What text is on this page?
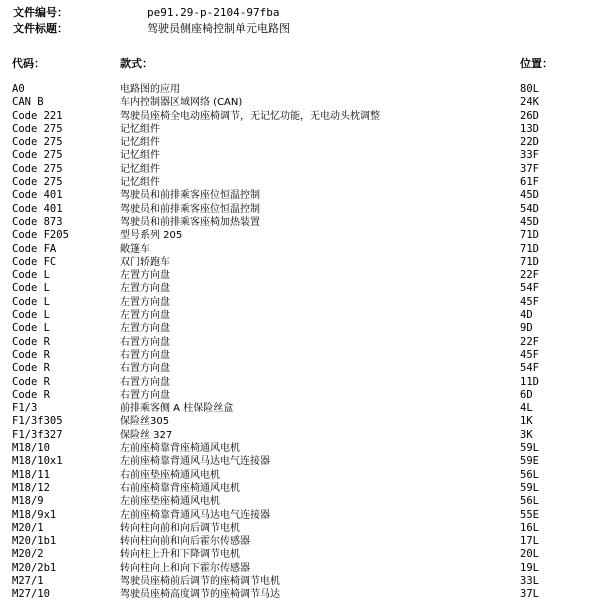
文件编号：	pe91.29-p-2104-97fba
文件标题：	驾驶员侧座椅控制单元电路图
代码：	款式：	位置：
A0	电路图的应用	80L
CAN B	车内控制器区域网络 (CAN)	24K
Code 221	驾驶员座椅全电动座椅调节，无记忆功能，无电动头枕调整	26D
Code 275	记忆组件	13D
Code 275	记忆组件	22D
Code 275	记忆组件	33F
Code 275	记忆组件	37F
Code 275	记忆组件	61F
Code 401	驾驶员和前排乘客座位恒温控制	45D
Code 401	驾驶员和前排乘客座位恒温控制	54D
Code 873	驾驶员和前排乘客座椅加热装置	45D
Code F205	型号系列 205	71D
Code FA	敞篷车	71D
Code FC	双门轿跑车	71D
Code L	左置方向盘	22F
Code L	左置方向盘	54F
Code L	左置方向盘	45F
Code L	左置方向盘	4D
Code L	左置方向盘	9D
Code R	右置方向盘	22F
Code R	右置方向盘	45F
Code R	右置方向盘	54F
Code R	右置方向盘	11D
Code R	右置方向盘	6D
F1/3	前排乘客侧 A 柱保险丝盒	4L
F1/3f305	保险丝305	1K
F1/3f327	保险丝 327	3K
M18/10	左前座椅靠背座椅通风电机	59L
M18/10x1	左前座椅靠背通风马达电气连接器	59E
M18/11	右前座垫座椅通风电机	56L
M18/12	右前座椅靠背座椅通风电机	59L
M18/9	左前座垫座椅通风电机	56L
M18/9x1	左前座椅靠背通风马达电气连接器	55E
M20/1	转向柱向前和向后调节电机	16L
M20/1b1	转向柱向前和向后霍尔传感器	17L
M20/2	转向柱上升和下降调节电机	20L
M20/2b1	转向柱向上和向下霍尔传感器	19L
M27/1	驾驶员座椅前后调节的座椅调节电机	33L
M27/10	驾驶员座椅高度调节的座椅调节马达	37L
